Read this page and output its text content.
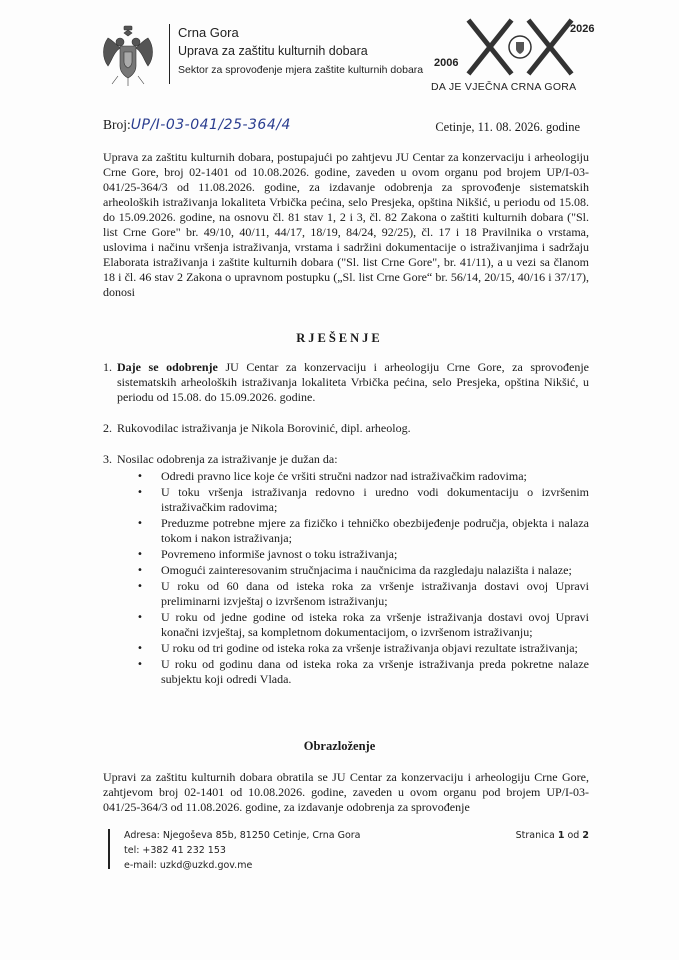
Crna Gora
Uprava za zaštitu kulturnih dobara
Sektor za sprovođenje mjera zaštite kulturnih dobara
2026
2006
XX
DA JE VJEČNA CRNA GORA
Broj:UP/I-03-041/25-364/4	Cetinje, 11. 08. 2026. godine
Uprava za zaštitu kulturnih dobara, postupajući po zahtjevu JU Centar za konzervaciju i arheologiju Crne Gore, broj 02-1401 od 10.08.2026. godine, zaveden u ovom organu pod brojem UP/I-03-041/25-364/3 od 11.08.2026. godine, za izdavanje odobrenja za sprovođenje sistematskih arheoloških istraživanja lokaliteta Vrbička pećina, selo Presjeka, opština Nikšić, u periodu od 15.08. do 15.09.2026. godine, na osnovu čl. 81 stav 1, 2 i 3, čl. 82 Zakona o zaštiti kulturnih dobara ("Sl. list Crne Gore" br. 49/10, 40/11, 44/17, 18/19, 84/24, 92/25), čl. 17 i 18 Pravilnika o vrstama, uslovima i načinu vršenja istraživanja, vrstama i sadržini dokumentacije o istraživanjima i sadržaju Elaborata istraživanja i zaštite kulturnih dobara ("Sl. list Crne Gore", br. 41/11), a u vezi sa članom 18 i čl. 46 stav 2 Zakona o upravnom postupku („Sl. list Crne Gore“ br. 56/14, 20/15, 40/16 i 37/17), donosi
RJEŠENJE
1. Daje se odobrenje JU Centar za konzervaciju i arheologiju Crne Gore, za sprovođenje sistematskih arheoloških istraživanja lokaliteta Vrbička pećina, selo Presjeka, opština Nikšić, u periodu od 15.08. do 15.09.2026. godine.
2. Rukovodilac istraživanja je Nikola Borovinić, dipl. arheolog.
3. Nosilac odobrenja za istraživanje je dužan da:
• Odredi pravno lice koje će vršiti stručni nadzor nad istraživačkim radovima;
• U toku vršenja istraživanja redovno i uredno vodi dokumentaciju o izvršenim istraživačkim radovima;
• Preduzme potrebne mjere za fizičko i tehničko obezbijeđenje područja, objekta i nalaza tokom i nakon istraživanja;
• Povremeno informiše javnost o toku istraživanja;
• Omogući zainteresovanim stručnjacima i naučnicima da razgledaju nalazišta i nalaze;
• U roku od 60 dana od isteka roka za vršenje istraživanja dostavi ovoj Upravi preliminarni izvještaj o izvršenom istraživanju;
• U roku od jedne godine od isteka roka za vršenje istraživanja dostavi ovoj Upravi konačni izvještaj, sa kompletnom dokumentacijom, o izvršenom istraživanju;
• U roku od tri godine od isteka roka za vršenje istraživanja objavi rezultate istraživanja;
• U roku od godinu dana od isteka roka za vršenje istraživanja preda pokretne nalaze subjektu koji odredi Vlada.
Obrazloženje
Upravi za zaštitu kulturnih dobara obratila se JU Centar za konzervaciju i arheologiju Crne Gore, zahtjevom broj 02-1401 od 10.08.2026. godine, zaveden u ovom organu pod brojem UP/I-03-041/25-364/3 od 11.08.2026. godine, za izdavanje odobrenja za sprovođenje
Adresa: Njegoševa 85b, 81250 Cetinje, Crna Gora
tel: +382 41 232 153
e-mail: uzkd@uzkd.gov.me
Stranica 1 od 2
